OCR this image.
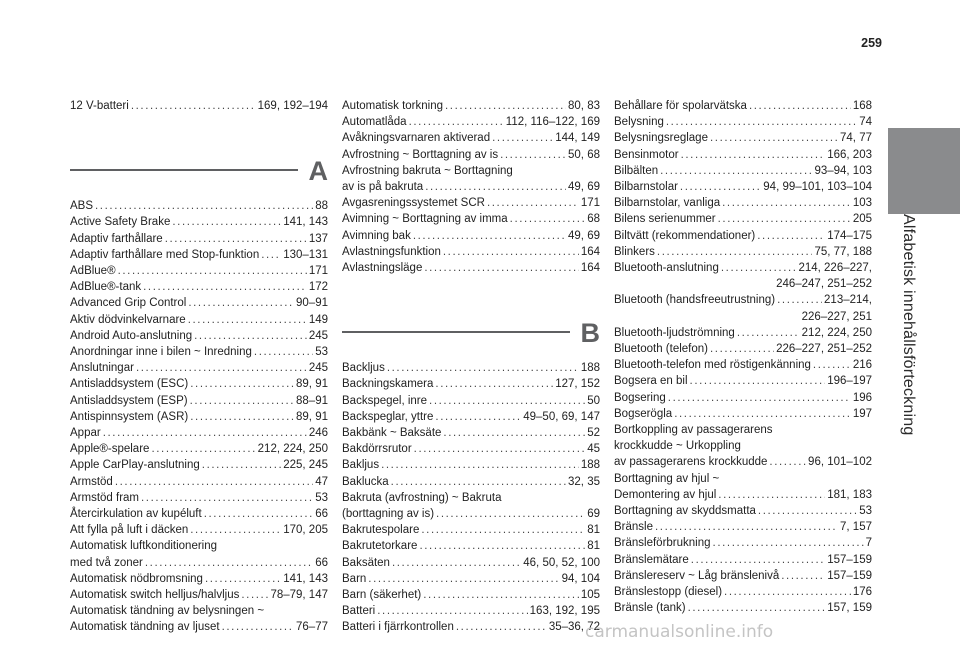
259
Alfabetisk innehållsförteckning
12 V-batteri .....	169, 192–194
A
ABS .....	88
Active Safety Brake .....	141, 143
Adaptiv farthållare .....	137
Adaptiv farthållare med Stop-funktion ..... 130–131
AdBlue® .....	171
AdBlue®-tank .....	172
Advanced Grip Control .....	90–91
Aktiv dödvinkelvarnare .....	149
Android Auto-anslutning .....	245
Anordningar inne i bilen ~ Inredning .....	53
Anslutningar .....	245
Antisladdsystem (ESC) .....	89, 91
Antisladdsystem (ESP) .....	88–91
Antispinnsystem (ASR) .....	89, 91
Appar .....	246
Apple®-spelare .....	212, 224, 250
Apple CarPlay-anslutning .....	225, 245
Armstöd .....	47
Armstöd fram .....	53
Återcirkulation av kupéluft .....	66
Att fylla på luft i däcken .....	170, 205
Automatisk luftkonditionering
med två zoner .....	66
Automatisk nödbromsning .....	141, 143
Automatisk switch helljus/halvljus .....	78–79, 147
Automatisk tändning av belysningen ~
Automatisk tändning av ljuset .....	76–77
Automatisk torkning .....	80, 83
Automatlåda .....	112, 116–122, 169
Avåkningsvarnaren aktiverad .....	144, 149
Avfrostning ~ Borttagning av is .....	50, 68
Avfrostning bakruta ~ Borttagning
av is på bakruta .....	49, 69
Avgasreningssystemet SCR .....	171
Avimning ~ Borttagning av imma .....	68
Avimning bak .....	49, 69
Avlastningsfunktion .....	164
Avlastningsläge .....	164
B
Backljus .....	188
Backningskamera .....	127, 152
Backspegel, inre .....	50
Backspeglar, yttre .....	49–50, 69, 147
Bakbänk ~ Baksäte .....	52
Bakdörrsrutor .....	45
Bakljus .....	188
Baklucka .....	32, 35
Bakruta (avfrostning) ~ Bakruta
(borttagning av is) .....	69
Bakrutespolare .....	81
Bakrutetorkare .....	81
Baksäten .....	46, 50, 52, 100
Barn .....	94, 104
Barn (säkerhet) .....	105
Batteri .....	163, 192, 195
Batteri i fjärrkontrollen .....	35–36, 72
Behållare för spolarvätska .....	168
Belysning .....	74
Belysningsreglage .....	74, 77
Bensinmotor .....	166, 203
Bilbälten .....	93–94, 103
Bilbarnstolar .....	94, 99–101, 103–104
Bilbarnstolar, vanliga .....	103
Bilens serienummer .....	205
Biltvätt (rekommendationer) .....	174–175
Blinkers .....	75, 77, 188
Bluetooth-anslutning .....	214, 226–227,
246–247, 251–252
Bluetooth (handsfreeutrustning) .....	213–214,
226–227, 251
Bluetooth-ljudströmning .....	212, 224, 250
Bluetooth (telefon) .....	226–227, 251–252
Bluetooth-telefon med röstigenkänning .....	216
Bogsera en bil .....	196–197
Bogsering .....	196
Bogserögla .....	197
Bortkoppling av passagerarens
krockkudde ~ Urkoppling
av passagerarens krockkudde .....	96, 101–102
Borttagning av hjul ~
Demontering av hjul .....	181, 183
Borttagning av skyddsmatta .....	53
Bränsle .....	7, 157
Bränsleförbrukning .....	7
Bränslemätare .....	157–159
Bränslereserv ~ Låg bränslenivå .....	157–159
Bränslestopp (diesel) .....	176
Bränsle (tank) .....	157, 159
carmanualsonline.info
